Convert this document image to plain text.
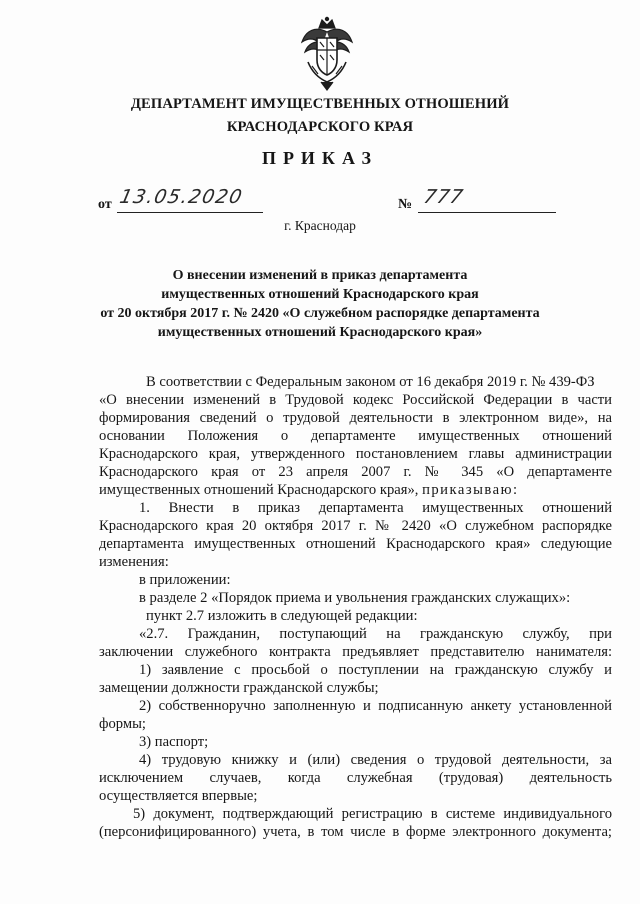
ДЕПАРТАМЕНТ ИМУЩЕСТВЕННЫХ ОТНОШЕНИЙ
КРАСНОДАРСКОГО КРАЯ
ПРИКАЗ
от 13.05.2020	№ 777
г. Краснодар
О внесении изменений в приказ департамента
имущественных отношений Краснодарского края
от 20 октября 2017 г. № 2420 «О служебном распорядке департамента
имущественных отношений Краснодарского края»
В соответствии с Федеральным законом от 16 декабря 2019 г. № 439-ФЗ
«О внесении изменений в Трудовой кодекс Российской Федерации в части
формирования сведений о трудовой деятельности в электронном виде», на
основании Положения о департаменте имущественных отношений
Краснодарского края, утвержденного постановлением главы администрации
Краснодарского края от 23 апреля 2007 г. № 345 «О департаменте
имущественных отношений Краснодарского края», приказываю:
1. Внести в приказ департамента имущественных отношений
Краснодарского края 20 октября 2017 г. № 2420 «О служебном распорядке
департамента имущественных отношений Краснодарского края» следующие
изменения:
в приложении:
в разделе 2 «Порядок приема и увольнения гражданских служащих»:
пункт 2.7 изложить в следующей редакции:
«2.7. Гражданин, поступающий на гражданскую службу, при
заключении служебного контракта предъявляет представителю нанимателя:
1) заявление с просьбой о поступлении на гражданскую службу и
замещении должности гражданской службы;
2) собственноручно заполненную и подписанную анкету установленной
формы;
3) паспорт;
4) трудовую книжку и (или) сведения о трудовой деятельности, за
исключением случаев, когда служебная (трудовая) деятельность
осуществляется впервые;
5) документ, подтверждающий регистрацию в системе индивидуального
(персонифицированного) учета, в том числе в форме электронного документа;
